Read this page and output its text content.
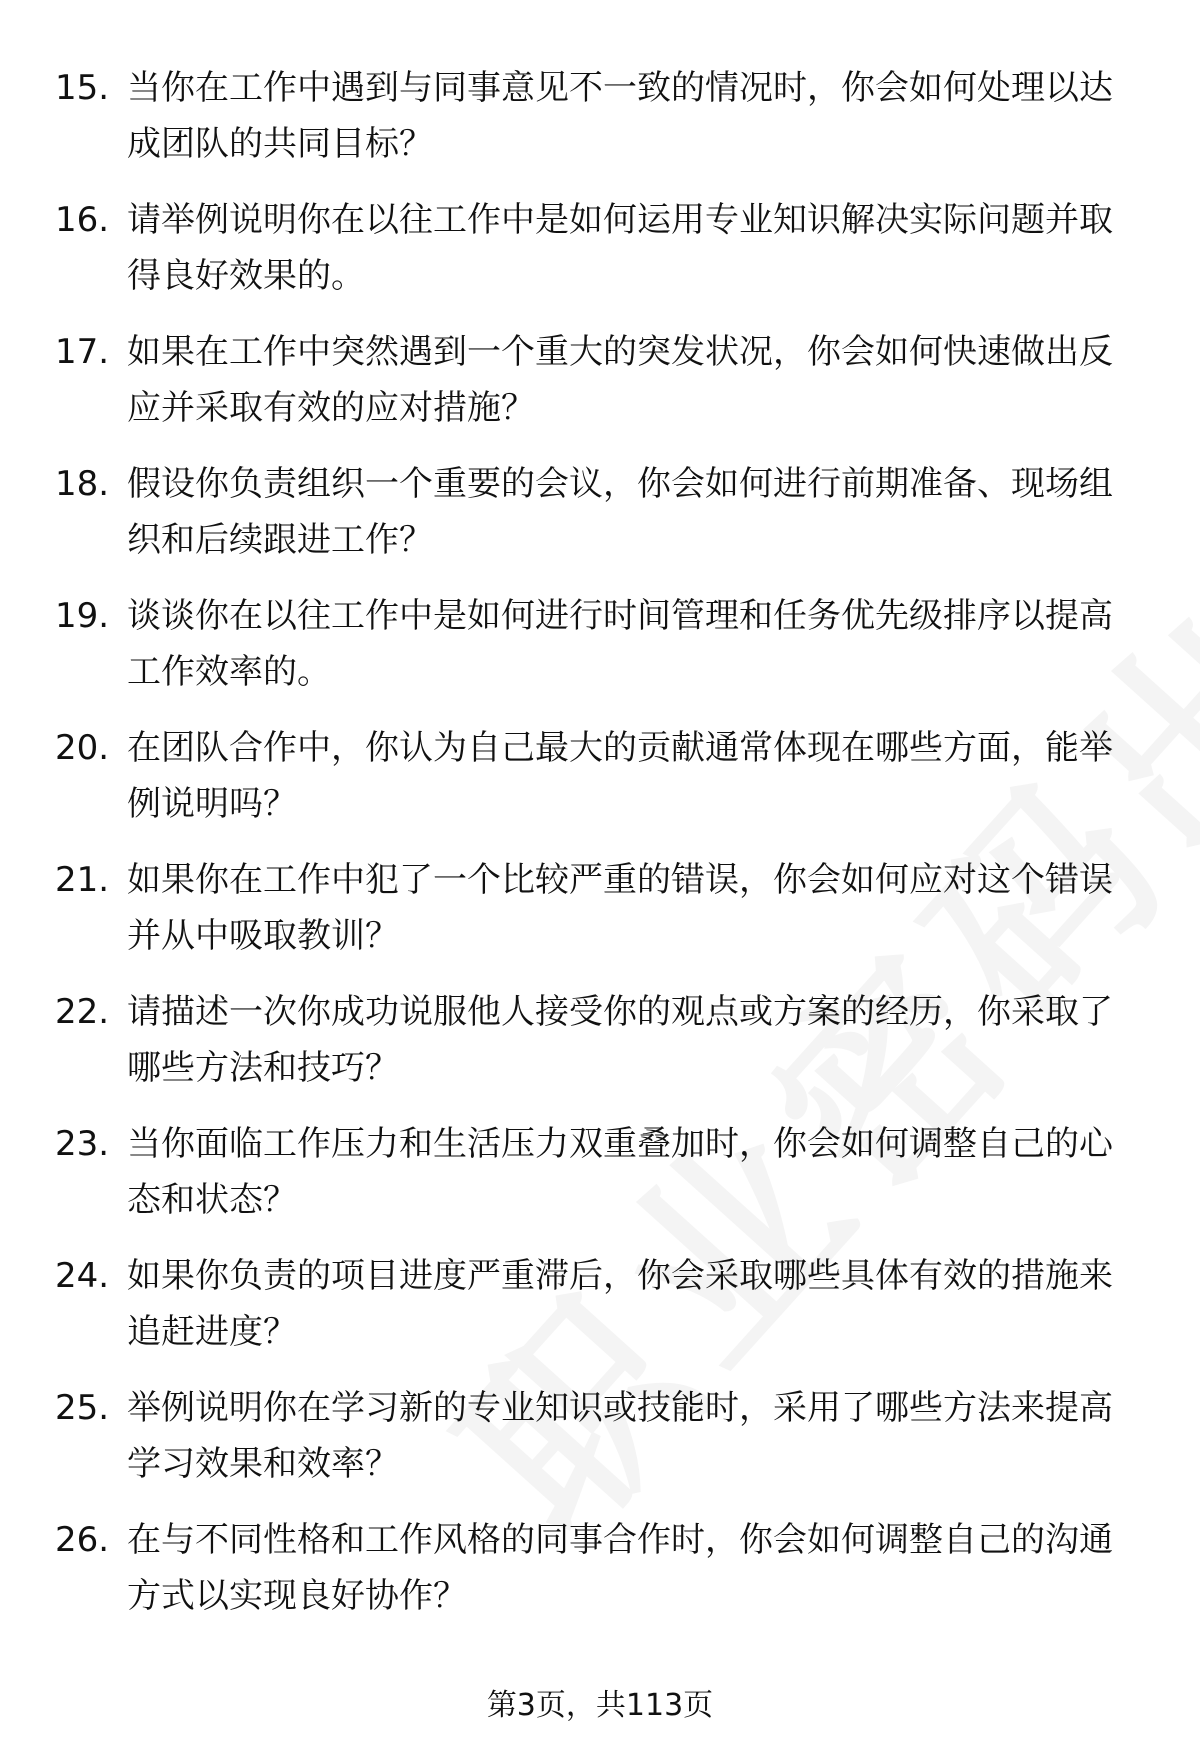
15. 当你在工作中遇到与同事意见不一致的情况时，你会如何处理以达成团队的共同目标？
16. 请举例说明你在以往工作中是如何运用专业知识解决实际问题并取得良好效果的。
17. 如果在工作中突然遇到一个重大的突发状况，你会如何快速做出反应并采取有效的应对措施？
18. 假设你负责组织一个重要的会议，你会如何进行前期准备、现场组织和后续跟进工作？
19. 谈谈你在以往工作中是如何进行时间管理和任务优先级排序以提高工作效率的。
20. 在团队合作中，你认为自己最大的贡献通常体现在哪些方面，能举例说明吗？
21. 如果你在工作中犯了一个比较严重的错误，你会如何应对这个错误并从中吸取教训？
22. 请描述一次你成功说服他人接受你的观点或方案的经历，你采取了哪些方法和技巧？
23. 当你面临工作压力和生活压力双重叠加时，你会如何调整自己的心态和状态？
24. 如果你负责的项目进度严重滞后，你会采取哪些具体有效的措施来追赶进度？
25. 举例说明你在学习新的专业知识或技能时，采用了哪些方法来提高学习效果和效率？
26. 在与不同性格和工作风格的同事合作时，你会如何调整自己的沟通方式以实现良好协作？
第3页，共113页
